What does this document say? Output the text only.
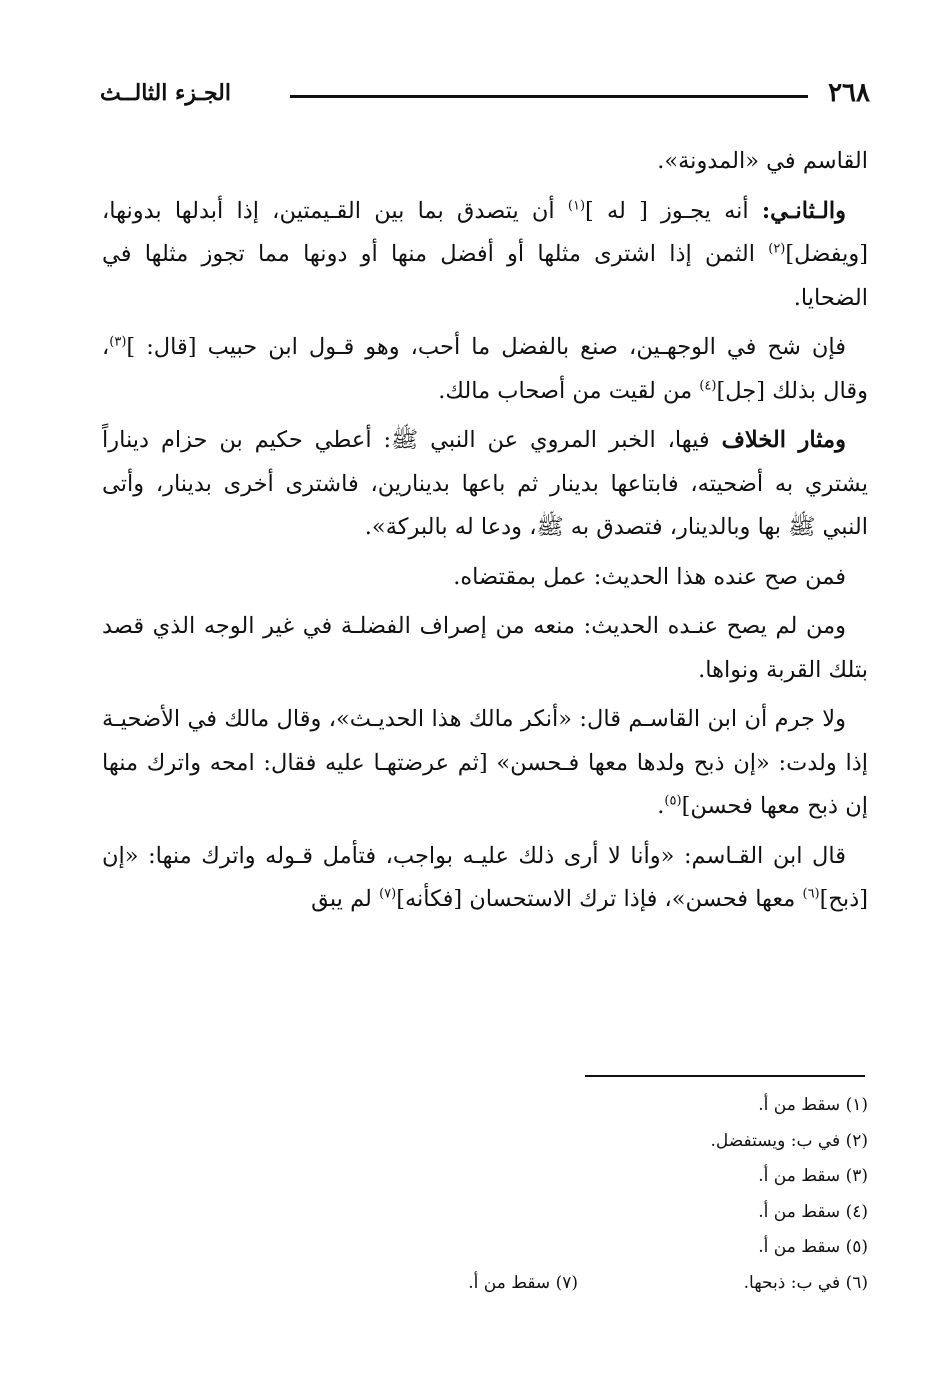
٢٦٨
الجـزء الثالــث

القاسم في «المدونة».

والـثانـي: أنه يجـوز [ له ]$^{(١)}$ أن يتصدق بما بين القـيمتين، إذا أبدلها بدونها، [ويفضل]$^{(٢)}$ الثمن إذا اشترى مثلها أو أفضل منها أو دونها مما تجوز مثلها في الضحايا.

فإن شح في الوجهـين، صنع بالفضل ما أحب، وهو قـول ابن حبيب [قال: ]$^{(٣)}$، وقال بذلك [جل]$^{(٤)}$ من لقيت من أصحاب مالك.

ومثار الخلاف فيها، الخبر المروي عن النبي ﷺ: أعطي حكيم بن حزام ديناراً يشتري به أضحيته، فابتاعها بدينار ثم باعها بدينارين، فاشترى أخرى بدينار، وأتى النبي ﷺ بها وبالدينار، فتصدق به ﷺ، ودعا له بالبركة».

فمن صح عنده هذا الحديث: عمل بمقتضاه.

ومن لم يصح عنـده الحديث: منعه من إصراف الفضلـة في غير الوجه الذي قصد بتلك القربة ونواها.

ولا جرم أن ابن القاسـم قال: «أنكر مالك هذا الحديـث»، وقال مالك في الأضحيـة إذا ولدت: «إن ذبح ولدها معها فـحسن» [ثم عرضتهـا عليه فقال: امحه واترك منها إن ذبح معها فحسن]$^{(٥)}$.

قال ابن القـاسم: «وأنا لا أرى ذلك عليـه بواجب، فتأمل قـوله واترك منها: «إن [ذبح]$^{(٦)}$ معها فحسن»، فإذا ترك الاستحسان [فكأنه]$^{(٧)}$ لم يبق

(١) سقط من أ.
(٢) في ب: ويستفضل.
(٣) سقط من أ.
(٤) سقط من أ.
(٥) سقط من أ.
(٦) في ب: ذبحها.
(٧) سقط من أ.
